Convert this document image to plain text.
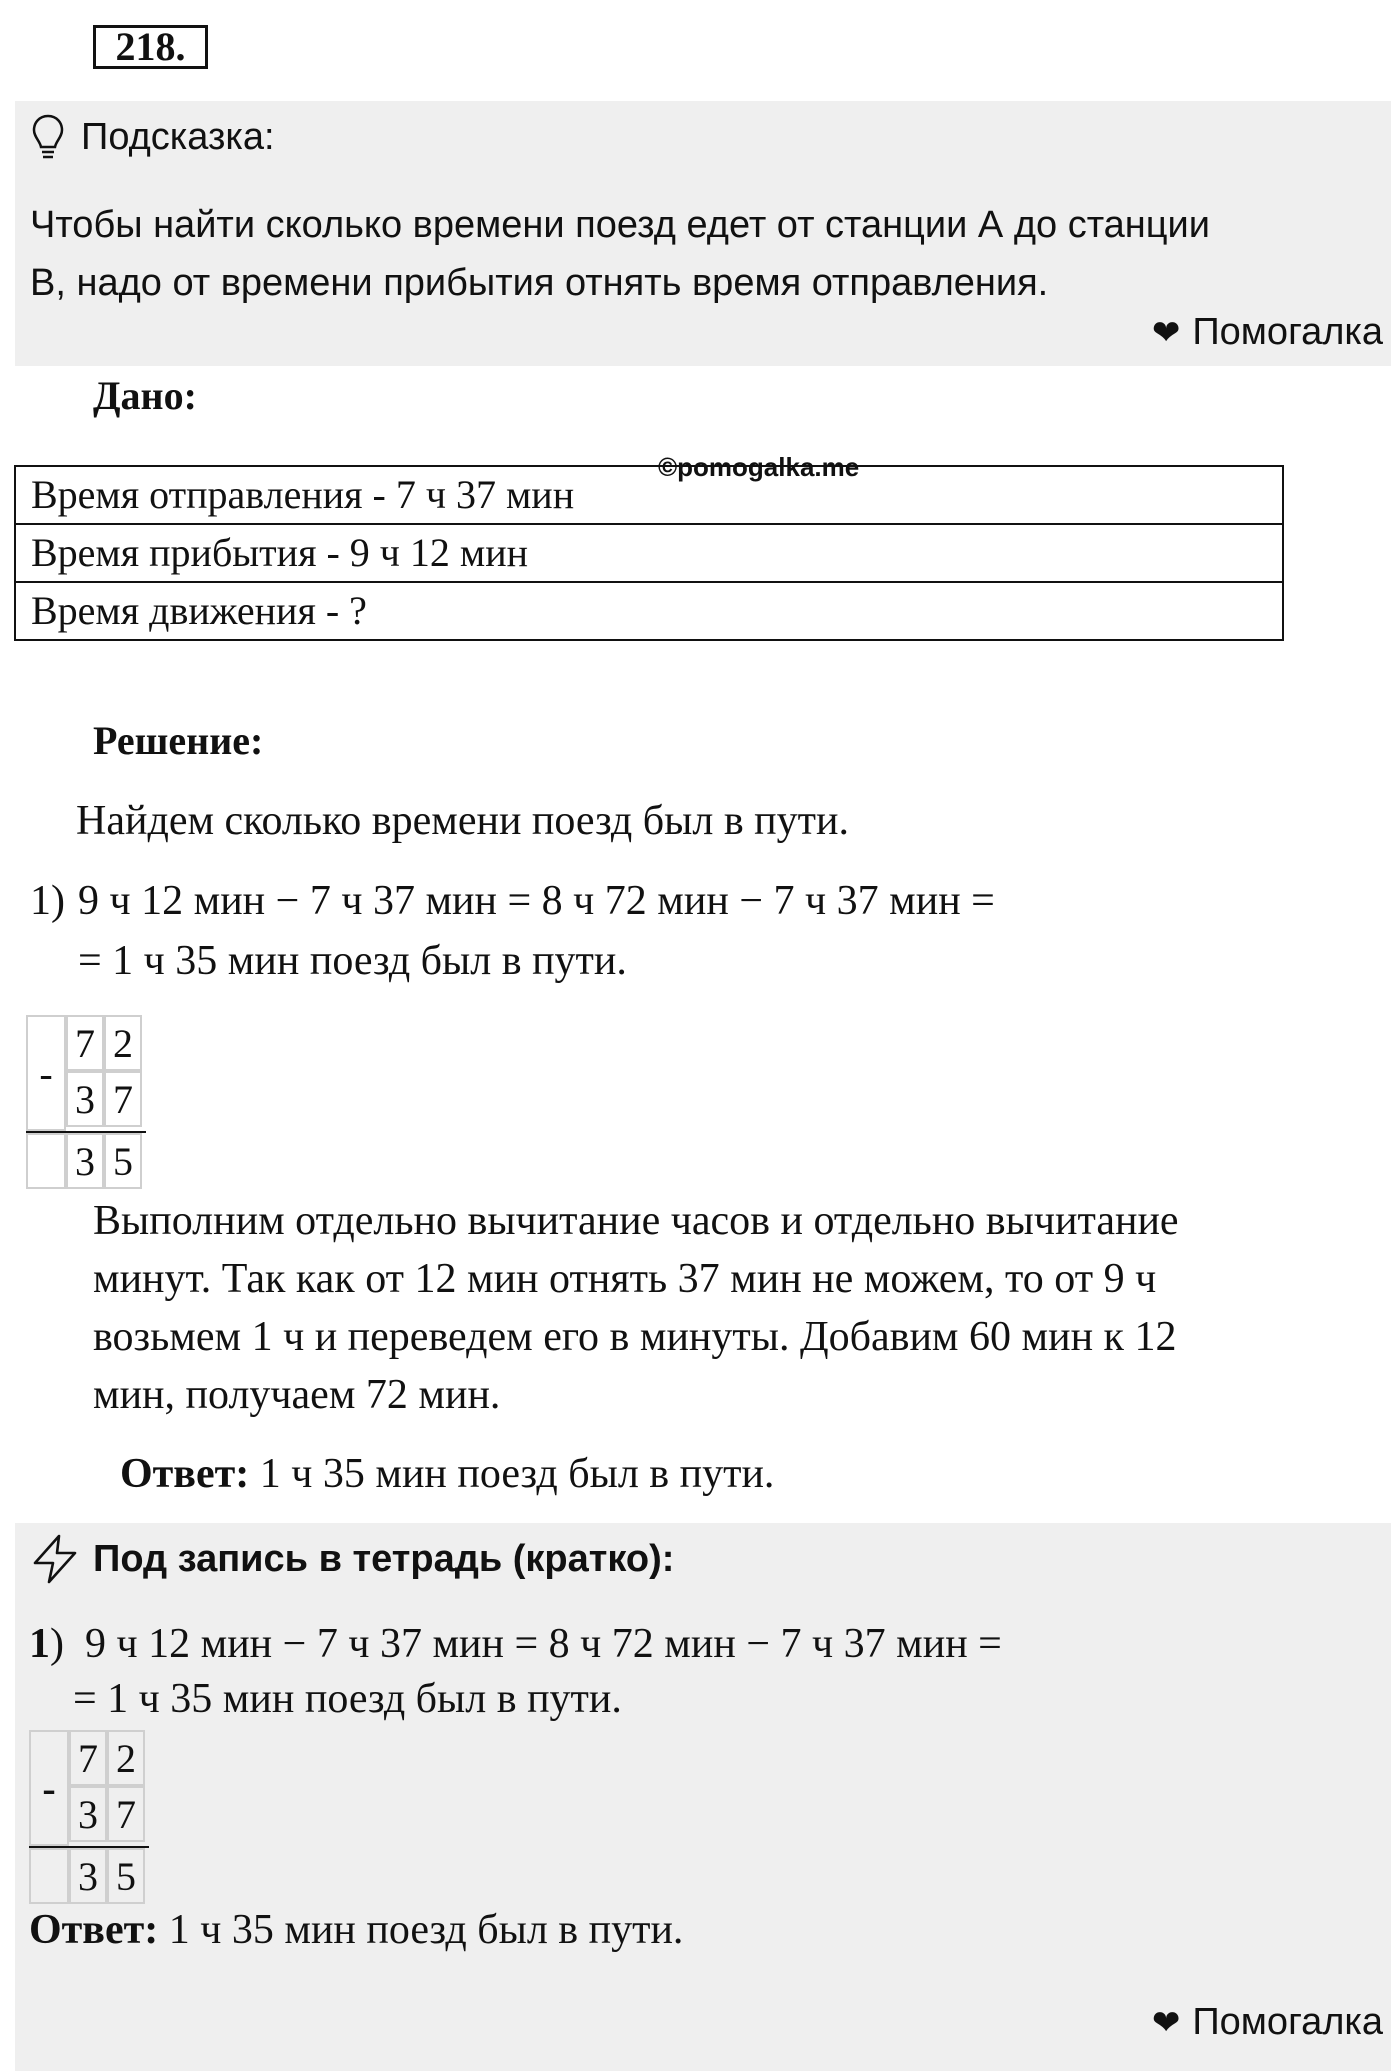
218.
Подсказка:
Чтобы найти сколько времени поезд едет от станции А до станции
В, надо от времени прибытия отнять время отправления.
❤ Помогалка
Дано:
Время отправления - 7 ч 37 мин
Время прибытия - 9 ч 12 мин
Время движения - ?
©pomogalka.me
Решение:
Найдем сколько времени поезд был в пути.
1) 9 ч 12 мин − 7 ч 37 мин = 8 ч 72 мин − 7 ч 37 мин =
= 1 ч 35 мин поезд был в пути.
-
7 2
3 7
3 5
Выполним отдельно вычитание часов и отдельно вычитание
минут. Так как от 12 мин отнять 37 мин не можем, то от 9 ч
возьмем 1 ч и переведем его в минуты. Добавим 60 мин к 12
мин, получаем 72 мин.
Ответ: 1 ч 35 мин поезд был в пути.
Под запись в тетрадь (кратко):
1) 9 ч 12 мин − 7 ч 37 мин = 8 ч 72 мин − 7 ч 37 мин =
= 1 ч 35 мин поезд был в пути.
-
7 2
3 7
3 5
Ответ: 1 ч 35 мин поезд был в пути.
❤ Помогалка
